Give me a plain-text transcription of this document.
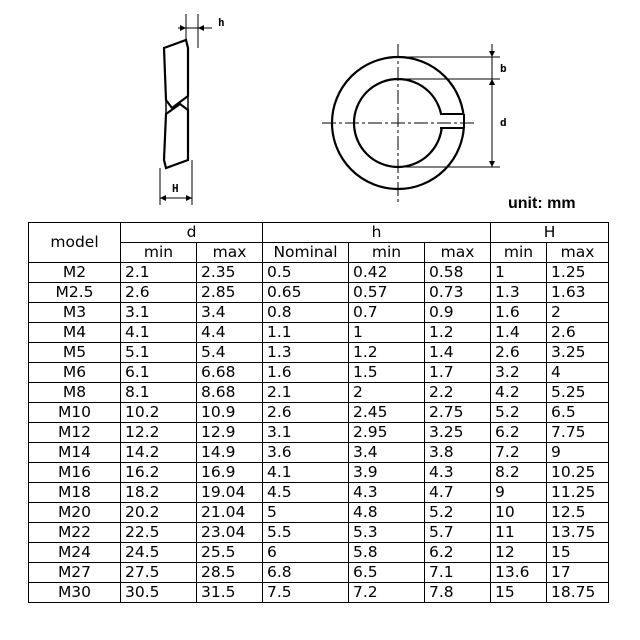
h
H
b
d
unit: mm
model	d		h			H	
	min	max	Nominal	min	max	min	max
M2	2.1	2.35	0.5	0.42	0.58	1	1.25
M2.5	2.6	2.85	0.65	0.57	0.73	1.3	1.63
M3	3.1	3.4	0.8	0.7	0.9	1.6	2
M4	4.1	4.4	1.1	1	1.2	1.4	2.6
M5	5.1	5.4	1.3	1.2	1.4	2.6	3.25
M6	6.1	6.68	1.6	1.5	1.7	3.2	4
M8	8.1	8.68	2.1	2	2.2	4.2	5.25
M10	10.2	10.9	2.6	2.45	2.75	5.2	6.5
M12	12.2	12.9	3.1	2.95	3.25	6.2	7.75
M14	14.2	14.9	3.6	3.4	3.8	7.2	9
M16	16.2	16.9	4.1	3.9	4.3	8.2	10.25
M18	18.2	19.04	4.5	4.3	4.7	9	11.25
M20	20.2	21.04	5	4.8	5.2	10	12.5
M22	22.5	23.04	5.5	5.3	5.7	11	13.75
M24	24.5	25.5	6	5.8	6.2	12	15
M27	27.5	28.5	6.8	6.5	7.1	13.6	17
M30	30.5	31.5	7.5	7.2	7.8	15	18.75
